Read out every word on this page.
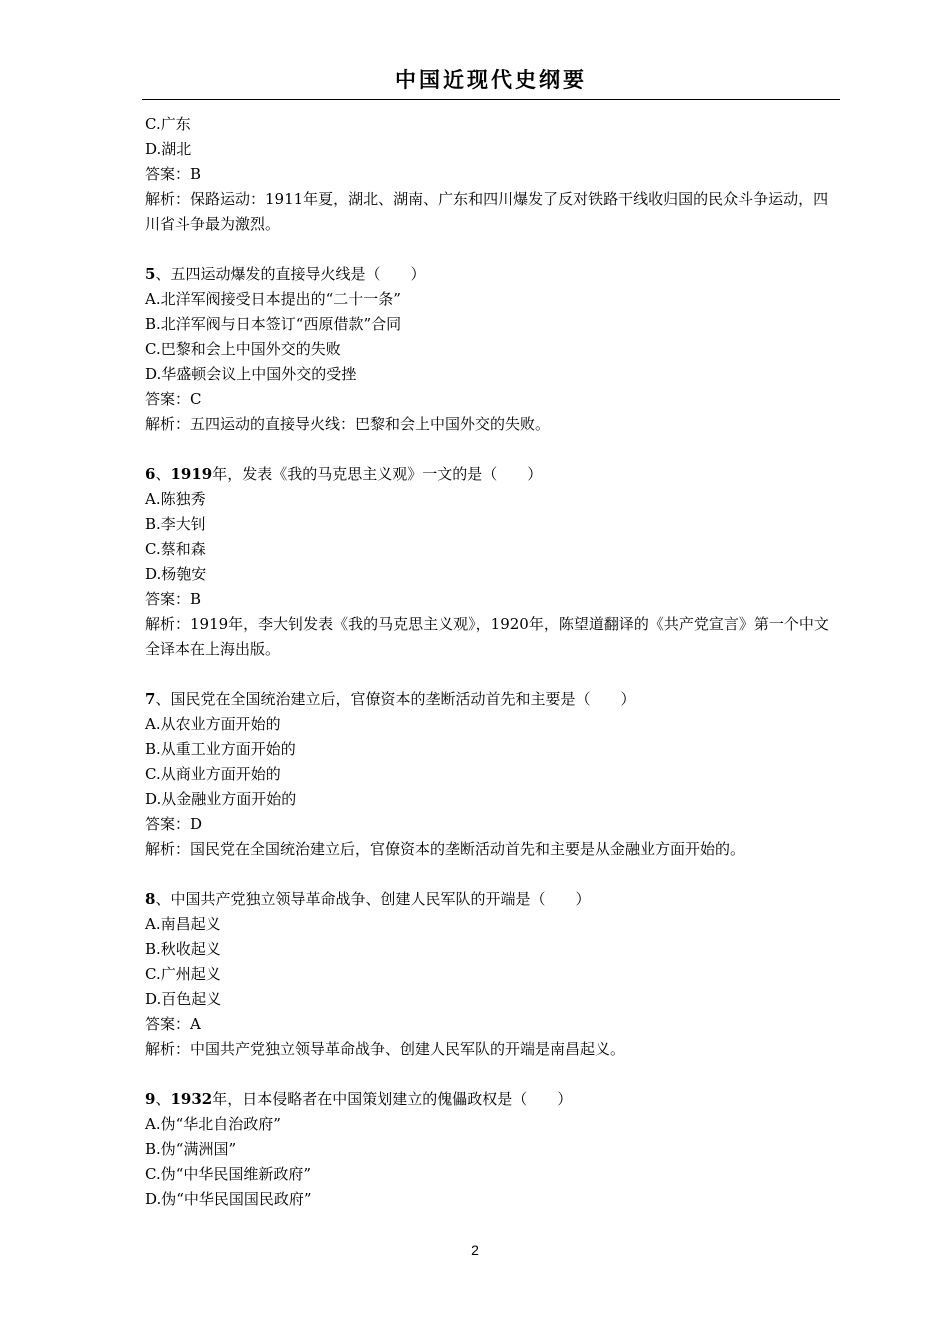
中国近现代史纲要
C.广东
D.湖北
答案：B
解析：保路运动：1911年夏，湖北、湖南、广东和四川爆发了反对铁路干线收归国的民众斗争运动，四川省斗争最为激烈。
5、五四运动爆发的直接导火线是（　　）
A.北洋军阀接受日本提出的“二十一条”
B.北洋军阀与日本签订“西原借款”合同
C.巴黎和会上中国外交的失败
D.华盛顿会议上中国外交的受挫
答案：C
解析：五四运动的直接导火线：巴黎和会上中国外交的失败。
6、1919年，发表《我的马克思主义观》一文的是（　　）
A.陈独秀
B.李大钊
C.蔡和森
D.杨匏安
答案：B
解析：1919年，李大钊发表《我的马克思主义观》，1920年，陈望道翻译的《共产党宣言》第一个中文全译本在上海出版。
7、国民党在全国统治建立后，官僚资本的垄断活动首先和主要是（　　）
A.从农业方面开始的
B.从重工业方面开始的
C.从商业方面开始的
D.从金融业方面开始的
答案：D
解析：国民党在全国统治建立后，官僚资本的垄断活动首先和主要是从金融业方面开始的。
8、中国共产党独立领导革命战争、创建人民军队的开端是（　　）
A.南昌起义
B.秋收起义
C.广州起义
D.百色起义
答案：A
解析：中国共产党独立领导革命战争、创建人民军队的开端是南昌起义。
9、1932年，日本侵略者在中国策划建立的傀儡政权是（　　）
A.伪“华北自治政府”
B.伪“满洲国”
C.伪“中华民国维新政府”
D.伪“中华民国国民政府”
2
